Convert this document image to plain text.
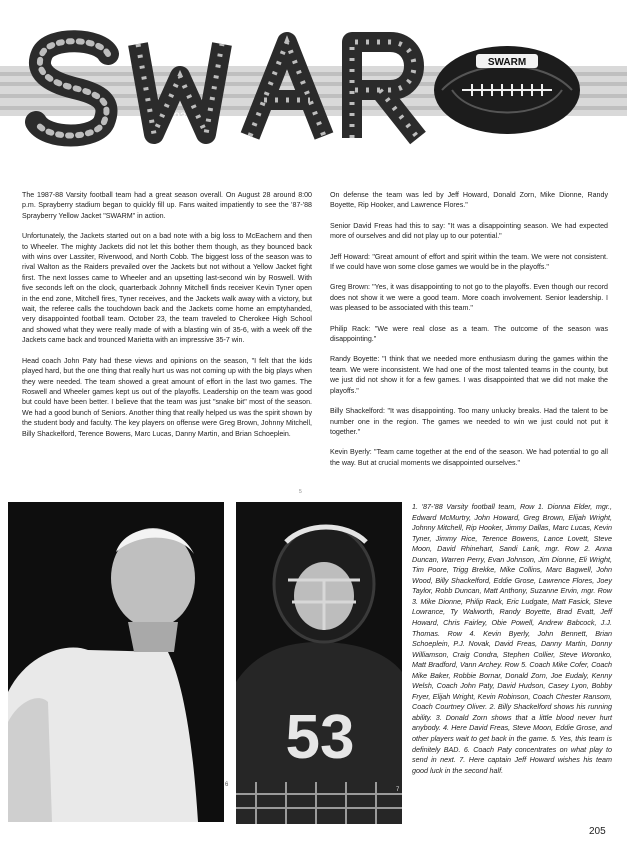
93
SWARM

The 1987-88 Varsity football team had a great season overall. On August 28 around 8:00 p.m. Sprayberry stadium began to quickly fill up. Fans waited impatiently to see the '87-'88 Sprayberry Yellow Jacket "SWARM" in action.

Unfortunately, the Jackets started out on a bad note with a big loss to McEachern and then to Wheeler. The mighty Jackets did not let this bother them though, as they bounced back with wins over Lassiter, Riverwood, and North Cobb. The biggest loss of the season was to rival Walton as the Raiders prevailed over the Jackets but not without a Yellow Jacket fight first. The next losses came to Wheeler and an upsetting last-second win by Roswell. With five seconds left on the clock, quarterback Johnny Mitchell finds receiver Kevin Tyner open in the end zone, Mitchell fires, Tyner receives, and the Jackets walk away with a victory, but wait, the referee calls the touchdown back and the Jackets come home an emptyhanded, very disappointed football team. October 23, the team traveled to Cherokee High School and showed what they were really made of with a blasting win of 35-6, with a week off the Jackets came back and trounced Marietta with an impressive 35-7 win.

Head coach John Paty had these views and opinions on the season, "I felt that the kids played hard, but the one thing that really hurt us was not coming up with the big plays when they were needed. The team showed a great amount of effort in the last two games. The Roswell and Wheeler games kept us out of the playoffs. Leadership on the team was good but could have been better. I believe that the team was just "snake bit" most of the season. We had a good bunch of Seniors. Another thing that really helped us was the spirit shown by the student body and faculty. The key players on offense were Greg Brown, Johnny Mitchell, Billy Shackelford, Terence Bowens, Marc Lucas, Danny Martin, and Brian Schoeplein.

On defense the team was led by Jeff Howard, Donald Zorn, Mike Dionne, Randy Boyette, Rip Hooker, and Lawrence Flores."

Senior David Freas had this to say: "It was a disappointing season. We had expected more of ourselves and did not play up to our potential."

Jeff Howard: "Great amount of effort and spirit within the team. We were not consistent. If we could have won some close games we would be in the playoffs."

Greg Brown: "Yes, it was disappointing to not go to the playoffs. Even though our record does not show it we were a good team. More coach involvement. Senior leadership. I was pleased to be associated with this team."

Philip Rack: "We were real close as a team. The outcome of the season was disappointing."

Randy Boyette: "I think that we needed more enthusiasm during the games within the team. We were inconsistent. We had one of the most talented teams in the county, but we just did not show it for a few games. I was disappointed that we did not make the playoffs."

Billy Shackelford: "It was disappointing. Too many unlucky breaks. Had the talent to be number one in the region. The games we needed to win we just could not put it together."

Kevin Byerly: "Team came together at the end of the season. We had potential to go all the way. But at crucial moments we disappointed ourselves."

5
6
53
7
1. '87-'88 Varsity football team, Row 1. Dionna Elder, mgr., Edward McMurtry, John Howard, Greg Brown, Elijah Wright, Johnny Mitchell, Rip Hooker, Jimmy Dallas, Marc Lucas, Kevin Tyner, Jimmy Rice, Terence Bowens, Lance Lovett, Steve Moon, David Rhinehart, Sandi Lank, mgr. Row 2. Anna Duncan, Warren Perry, Evan Johnson, Jim Dionne, Eli Wright, Tim Poore, Trigg Brekke, Mike Collins, Marc Bagwell, John Wood, Billy Shackelford, Eddie Grose, Lawrence Flores, Joey Taylor, Robb Duncan, Matt Anthony, Suzanne Ervin, mgr. Row 3. Mike Dionne, Philip Rack, Eric Ludgate, Matt Fasick, Steve Lowrance, Ty Walworth, Randy Boyette, Brad Evatt, Jeff Howard, Chris Fairley, Obie Powell, Andrew Babcock, J.J. Thomas. Row 4. Kevin Byerly, John Bennett, Brian Schoeplein, P.J. Novak, David Freas, Danny Martin, Donny Williamson, Craig Condra, Stephen Collier, Steve Woronko, Matt Bradford, Vann Archey. Row 5. Coach Mike Cofer, Coach Mike Baker, Robbie Bornar, Donald Zorn, Joe Eudaly, Kenny Welsh, Coach John Paty, David Hudson, Casey Lyon, Bobby Fryer, Elijah Wright, Kevin Robinson, Coach Chester Ransom, Coach Courtney Oliver. 2. Billy Shackelford shows his running ability. 3. Donald Zorn shows that a little blood never hurt anybody. 4. Here David Freas, Steve Moon, Eddie Grose, and other players wait to get back in the game. 5. Yes, this team is definitely BAD. 6. Coach Paty concentrates on what play to send in next. 7. Here captain Jeff Howard wishes his team good luck in the second half.
205
